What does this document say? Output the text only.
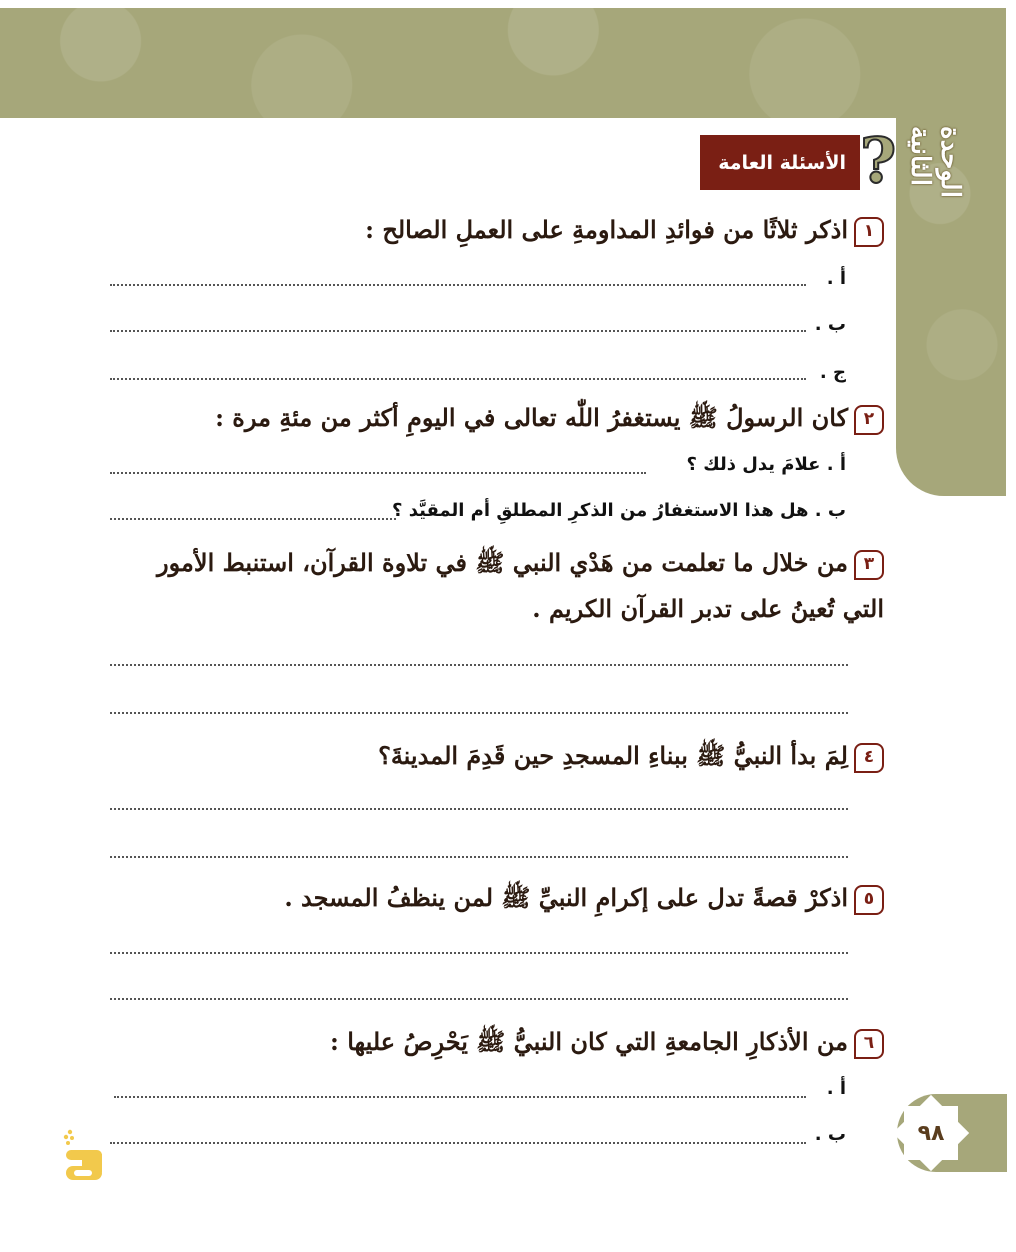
الوحدة الثانية
الأسئلة العامة ?
١اذكر ثلاثًا من فوائدِ المداومةِ على العملِ الصالح :
أ .
ب .
ج .
٢كان الرسولُ ﷺ يستغفرُ اللّٰه تعالى في اليومِ أكثر من مئةِ مرة :
أ . علامَ يدل ذلك ؟
ب . هل هذا الاستغفارُ من الذكرِ المطلقِ أم المقيَّد ؟
٣من خلال ما تعلمت من هَدْي النبي ﷺ في تلاوة القرآن، استنبط الأمور التي تُعينُ على تدبر القرآن الكريم .
٤لِمَ بدأ النبيُّ ﷺ ببناءِ المسجدِ حين قَدِمَ المدينةَ؟
٥اذكرْ قصةً تدل على إكرامِ النبيِّ ﷺ لمن ينظفُ المسجد .
٦من الأذكارِ الجامعةِ التي كان النبيُّ ﷺ يَحْرِصُ عليها :
أ .
ب .	٩٨
